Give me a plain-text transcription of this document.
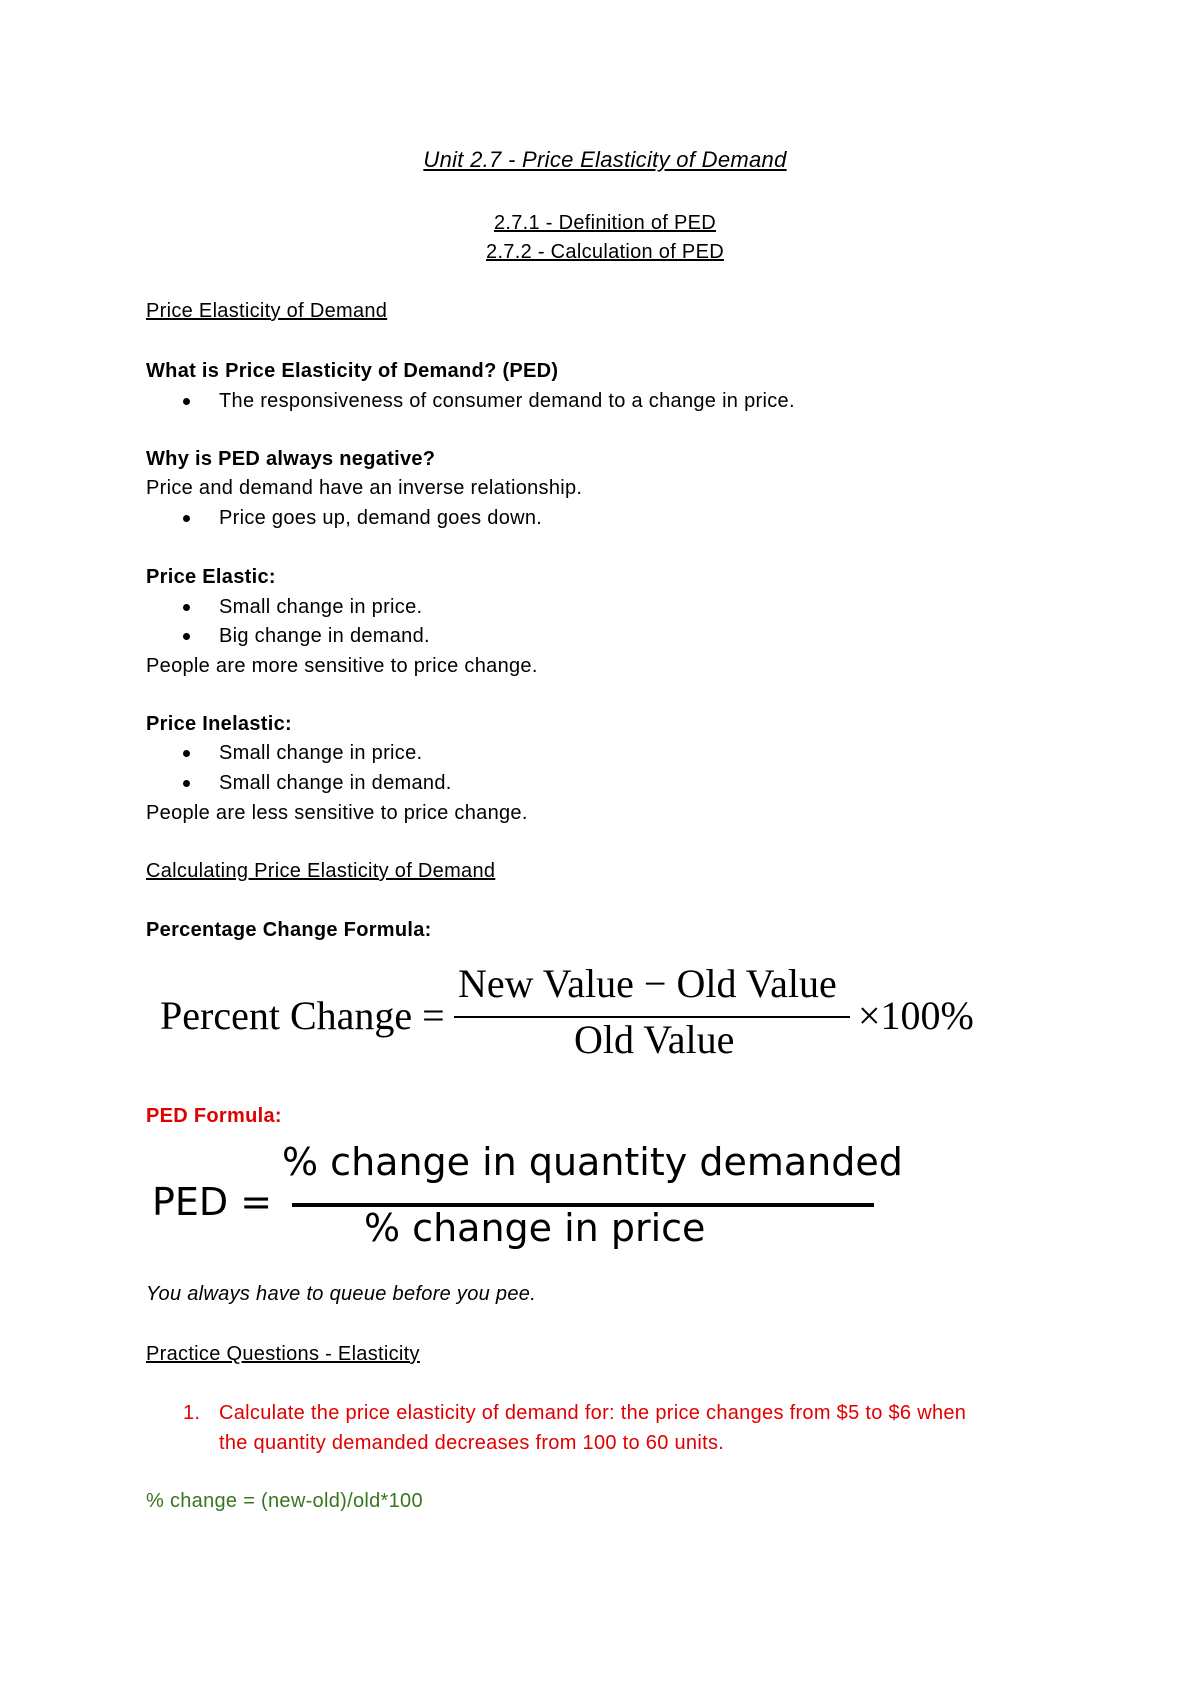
Unit 2.7 - Price Elasticity of Demand
2.7.1 - Definition of PED
2.7.2 - Calculation of PED
Price Elasticity of Demand
What is Price Elasticity of Demand? (PED)
The responsiveness of consumer demand to a change in price.
Why is PED always negative?
Price and demand have an inverse relationship.
Price goes up, demand goes down.
Price Elastic:
Small change in price.
Big change in demand.
People are more sensitive to price change.
Price Inelastic:
Small change in price.
Small change in demand.
People are less sensitive to price change.
Calculating Price Elasticity of Demand
Percentage Change Formula:
Percent Change =
New Value − Old Value
Old Value
×100%
PED Formula:
PED =
% change in quantity demanded
% change in price
You always have to queue before you pee.
Practice Questions - Elasticity
1. Calculate the price elasticity of demand for: the price changes from $5 to $6 when
the quantity demanded decreases from 100 to 60 units.
% change = (new-old)/old*100
